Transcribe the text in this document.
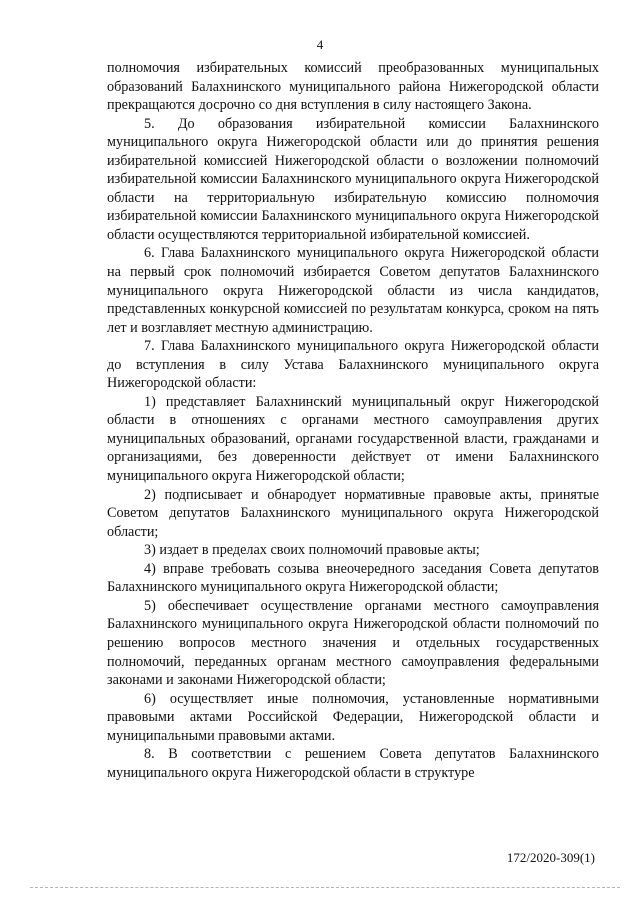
4

полномочия избирательных комиссий преобразованных муниципальных образований Балахнинского муниципального района Нижегородской области прекращаются досрочно со дня вступления в силу настоящего Закона.

5. До образования избирательной комиссии Балахнинского муниципального округа Нижегородской области или до принятия решения избирательной комиссией Нижегородской области о возложении полномочий избирательной комиссии Балахнинского муниципального округа Нижегородской области на территориальную избирательную комиссию полномочия избирательной комиссии Балахнинского муниципального округа Нижегородской области осуществляются территориальной избирательной комиссией.

6. Глава Балахнинского муниципального округа Нижегородской области на первый срок полномочий избирается Советом депутатов Балахнинского муниципального округа Нижегородской области из числа кандидатов, представленных конкурсной комиссией по результатам конкурса, сроком на пять лет и возглавляет местную администрацию.

7. Глава Балахнинского муниципального округа Нижегородской области до вступления в силу Устава Балахнинского муниципального округа Нижегородской области:

1) представляет Балахнинский муниципальный округ Нижегородской области в отношениях с органами местного самоуправления других муниципальных образований, органами государственной власти, гражданами и организациями, без доверенности действует от имени Балахнинского муниципального округа Нижегородской области;

2) подписывает и обнародует нормативные правовые акты, принятые Советом депутатов Балахнинского муниципального округа Нижегородской области;

3) издает в пределах своих полномочий правовые акты;

4) вправе требовать созыва внеочередного заседания Совета депутатов Балахнинского муниципального округа Нижегородской области;

5) обеспечивает осуществление органами местного самоуправления Балахнинского муниципального округа Нижегородской области полномочий по решению вопросов местного значения и отдельных государственных полномочий, переданных органам местного самоуправления федеральными законами и законами Нижегородской области;

6) осуществляет иные полномочия, установленные нормативными правовыми актами Российской Федерации, Нижегородской области и муниципальными правовыми актами.

8. В соответствии с решением Совета депутатов Балахнинского муниципального округа Нижегородской области в структуре

172/2020-309(1)
